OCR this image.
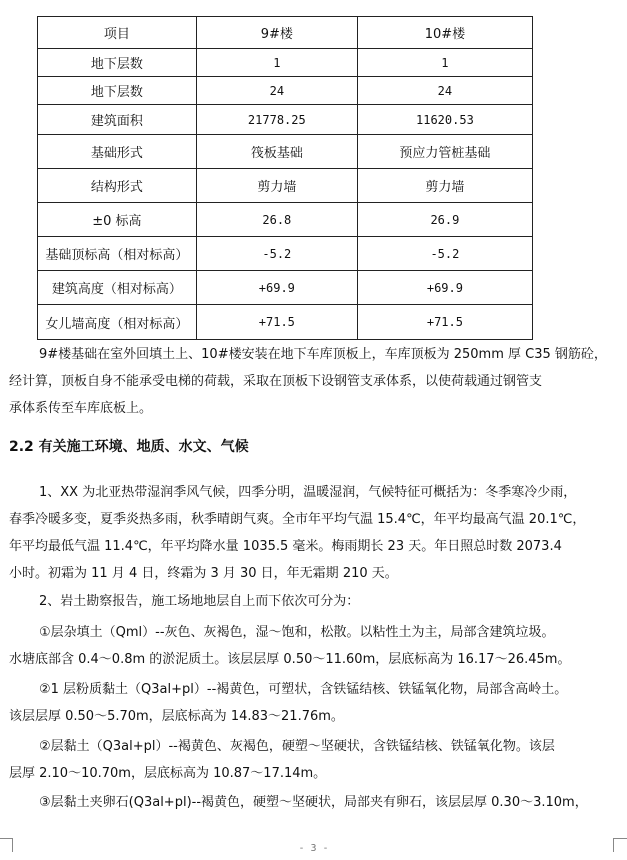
项目	9#楼	10#楼
地下层数	1	1
地下层数	24	24
建筑面积	21778.25	11620.53
基础形式	筏板基础	预应力管桩基础
结构形式	剪力墙	剪力墙
±0 标高	26.8	26.9
基础顶标高（相对标高）	-5.2	-5.2
建筑高度（相对标高）	+69.9	+69.9
女儿墙高度（相对标高）	+71.5	+71.5

9#楼基础在室外回填土上、10#楼安装在地下车库顶板上，车库顶板为 250mm 厚 C35 钢筋砼，

经计算，顶板自身不能承受电梯的荷载，采取在顶板下设钢管支承体系，以使荷载通过钢管支

承体系传至车库底板上。

2.2 有关施工环境、地质、水文、气候

1、XX 为北亚热带湿润季风气候，四季分明，温暖湿润，气候特征可概括为：冬季寒冷少雨，

春季冷暖多变，夏季炎热多雨，秋季晴朗气爽。全市年平均气温 15.4℃，年平均最高气温 20.1℃，

年平均最低气温 11.4℃，年平均降水量 1035.5 毫米。梅雨期长 23 天。年日照总时数 2073.4

小时。初霜为 11 月 4 日，终霜为 3 月 30 日，年无霜期 210 天。

2、岩土勘察报告，施工场地地层自上而下依次可分为：

①层杂填土（Qml）--灰色、灰褐色，湿～饱和，松散。以粘性土为主，局部含建筑垃圾。

水塘底部含 0.4～0.8m 的淤泥质土。该层层厚 0.50～11.60m，层底标高为 16.17～26.45m。

②1 层粉质黏土（Q3al+pl）--褐黄色，可塑状，含铁锰结核、铁锰氧化物，局部含高岭土。

该层层厚 0.50～5.70m，层底标高为 14.83～21.76m。

②层黏土（Q3al+pl）--褐黄色、灰褐色，硬塑～坚硬状，含铁锰结核、铁锰氧化物。该层

层厚 2.10～10.70m，层底标高为 10.87～17.14m。

③层黏土夹卵石(Q3al+pl)--褐黄色，硬塑～坚硬状，局部夹有卵石，该层层厚 0.30～3.10m，

- 3 -
